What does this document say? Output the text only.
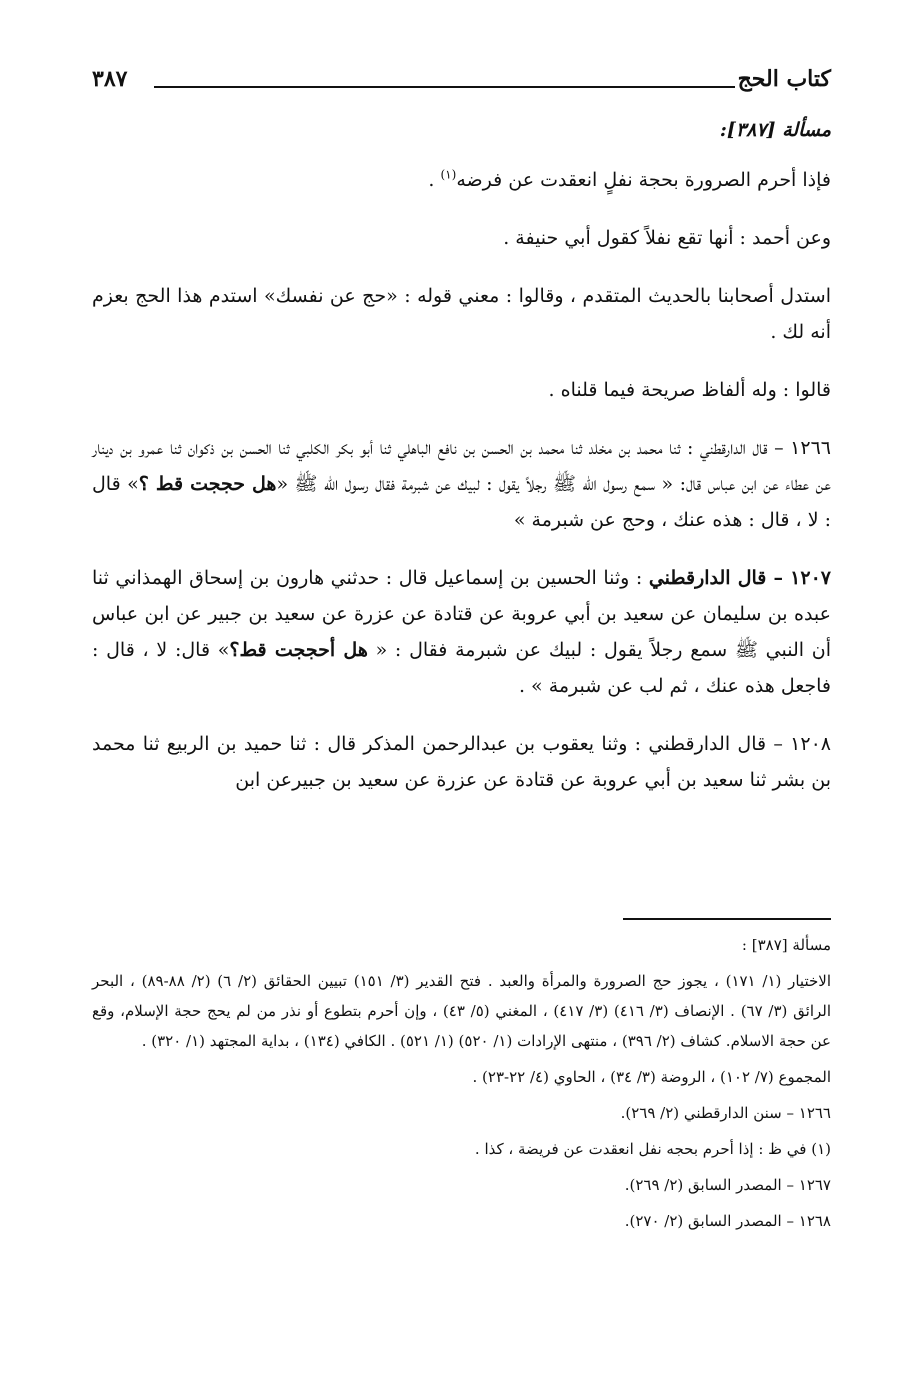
كتاب الحج
٣٨٧

مسألة [٣٨٧]:

فإذا أحرم الصرورة بحجة نفلٍ انعقدت عن فرضه$^{(١)}$ .

وعن أحمد : أنها تقع نفلاً كقول أبي حنيفة .

استدل أصحابنا بالحديث المتقدم ، وقالوا : معني قوله : «حج عن نفسك» استدم هذا الحج بعزم أنه لك .

قالوا : وله ألفاظ صريحة فيما قلناه .

١٢٦٦ – قال الدارقطني : ثنا محمد بن مخلد ثنا محمد بن الحسن بن نافع الباهلي ثنا أبو بكر الكلبي ثنا الحسن بن ذكوان ثنا عمرو بن دينار عن عطاء عن ابن عباس قال: « سمع رسول الله ﷺ رجلاً يقول : لبيك عن شبرمة فقال رسول الله ﷺ «هل حججت قط ؟» قال : لا ، قال : هذه عنك ، وحج عن شبرمة »

١٢٠٧ – قال الدارقطني : وثنا الحسين بن إسماعيل قال : حدثني هارون بن إسحاق الهمذاني ثنا عبده بن سليمان عن سعيد بن أبي عروبة عن قتادة عن عزرة عن سعيد بن جبير عن ابن عباس أن النبي ﷺ سمع رجلاً يقول : لبيك عن شبرمة فقال : « هل أحججت قط؟» قال: لا ، قال : فاجعل هذه عنك ، ثم لب عن شبرمة » .

١٢٠٨ – قال الدارقطني : وثنا يعقوب بن عبدالرحمن المذكر قال : ثنا حميد بن الربيع ثنا محمد بن بشر ثنا سعيد بن أبي عروبة عن قتادة عن عزرة عن سعيد بن جبيرعن ابن

مسألة [٣٨٧] :

الاختيار (١/ ١٧١) ، يجوز حج الصرورة والمرأة والعبد . فتح القدير (٣/ ١٥١) تبيين الحقائق (٢/ ٦) (٢/ ٨٨-٨٩) ، البحر الرائق (٣/ ٦٧) . الإنصاف (٣/ ٤١٦) (٣/ ٤١٧) ، المغني (٥/ ٤٣) ، وإن أحرم بتطوع أو نذر من لم يحج حجة الإسلام، وقع عن حجة الاسلام. كشاف (٢/ ٣٩٦) ، منتهى الإرادات (١/ ٥٢٠) (١/ ٥٢١) . الكافي (١٣٤) ، بداية المجتهد (١/ ٣٢٠) .

المجموع (٧/ ١٠٢) ، الروضة (٣/ ٣٤) ، الحاوي (٤/ ٢٢-٢٣) .

١٢٦٦ – سنن الدارقطني (٢/ ٢٦٩).

(١) في ظ : إذا أحرم بحجه نفل انعقدت عن فريضة ، كذا .

١٢٦٧ – المصدر السابق (٢/ ٢٦٩).

١٢٦٨ – المصدر السابق (٢/ ٢٧٠).
